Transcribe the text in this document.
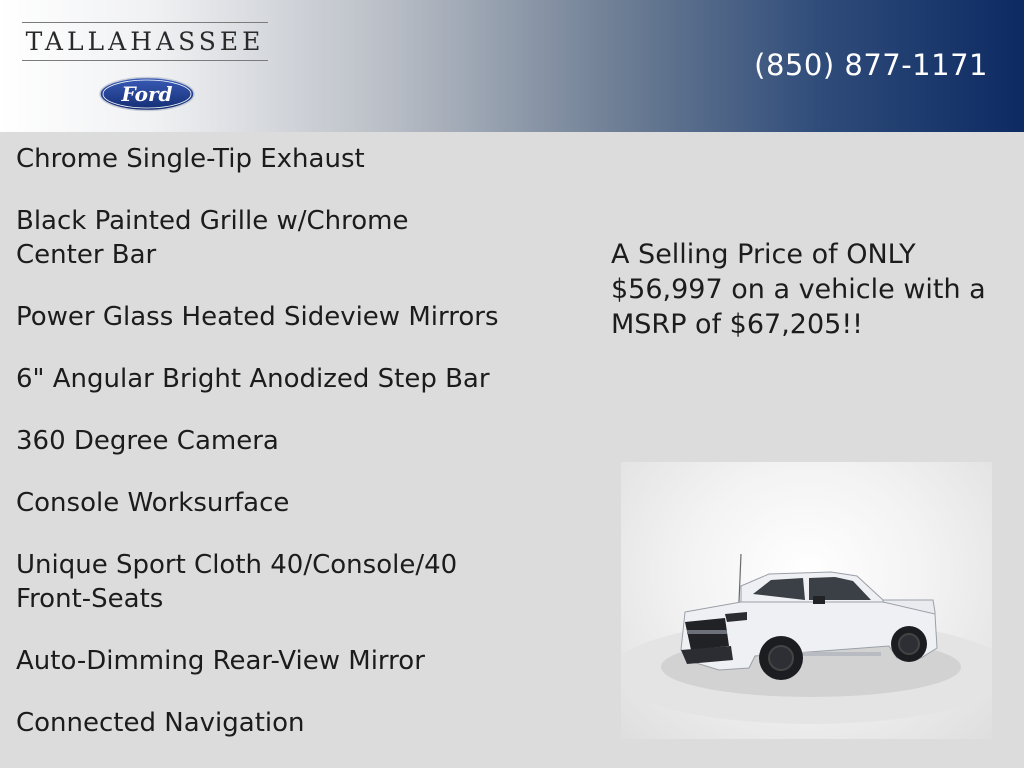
TALLAHASSEE
Ford
(850) 877-1171
Chrome Single-Tip Exhaust
Black Painted Grille w/Chrome
Center Bar
Power Glass Heated Sideview Mirrors
6" Angular Bright Anodized Step Bar
360 Degree Camera
Console Worksurface
Unique Sport Cloth 40/Console/40
Front-Seats
Auto-Dimming Rear-View Mirror
Connected Navigation
A Selling Price of ONLY $56,997 on a vehicle with a MSRP of $67,205!!
